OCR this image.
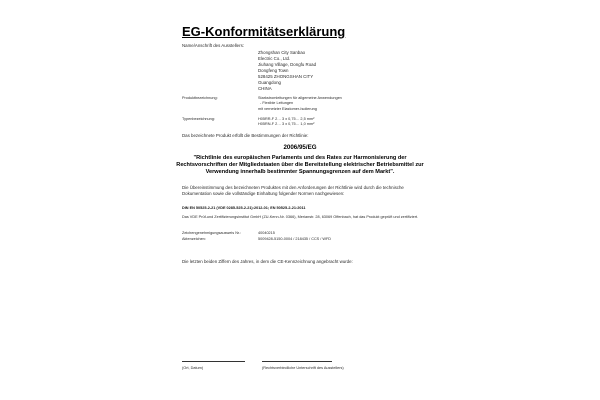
EG-Konformitätserklärung
Name/Anschrift des Ausstellers:
Zhongshan City Sanbao
Electric Co., Ltd.
Jiuhang Village, Dongfu Road
Dongfeng Town
528425 ZHONGSHAN CITY
Guangdong
CHINA
Produktbezeichnung:	Starkstromleitungen für allgemeine Anwendungen
- Flexible Leitungen
mit vernetzter Elastomer-Isolierung
Typenbezeichnung:	H05RR-F 2… 3 x 0,75… 2,5 mm²
H05RN-F 2… 3 x 0,75… 1,0 mm²
Das bezeichnete Produkt erfüllt die Bestimmungen der Richtlinie:
2006/95/EG
"Richtlinie des europäischen Parlaments und des Rates zur Harmonisierung der Rechtsvorschriften der Mitgliedstaaten über die Bereitstellung elektrischer Betriebsmittel zur Verwendung innerhalb bestimmter Spannungsgrenzen auf dem Markt".
Die Übereinstimmung des bezeichneten Produktes mit den Anforderungen der Richtlinie wird durch die technische Dokumentation sowie die vollständige Einhaltung folgender Normen nachgewiesen:
DIN EN 50525-2-21 (VDE 0285-525-2-21):2012-01; EN 50525-2-21:2011
Das VDE Prüf-und Zertifizierungsinstitut GmbH (ZU-Kenn-Nr. 0366), Merianstr. 28, 63069 Offenbach, hat das Produkt geprüft und zertifiziert.
Zeichengenehmigungsausweis Nr.:	40040215
Aktenzeichen:	5009428-5150-0004 / 218435 / CCS / WFD
Die letzten beiden Ziffern des Jahres, in dem die CE-Kennzeichnung angebracht wurde:
(Ort, Datum)	(Rechtsverbindliche Unterschrift des Ausstellers)
